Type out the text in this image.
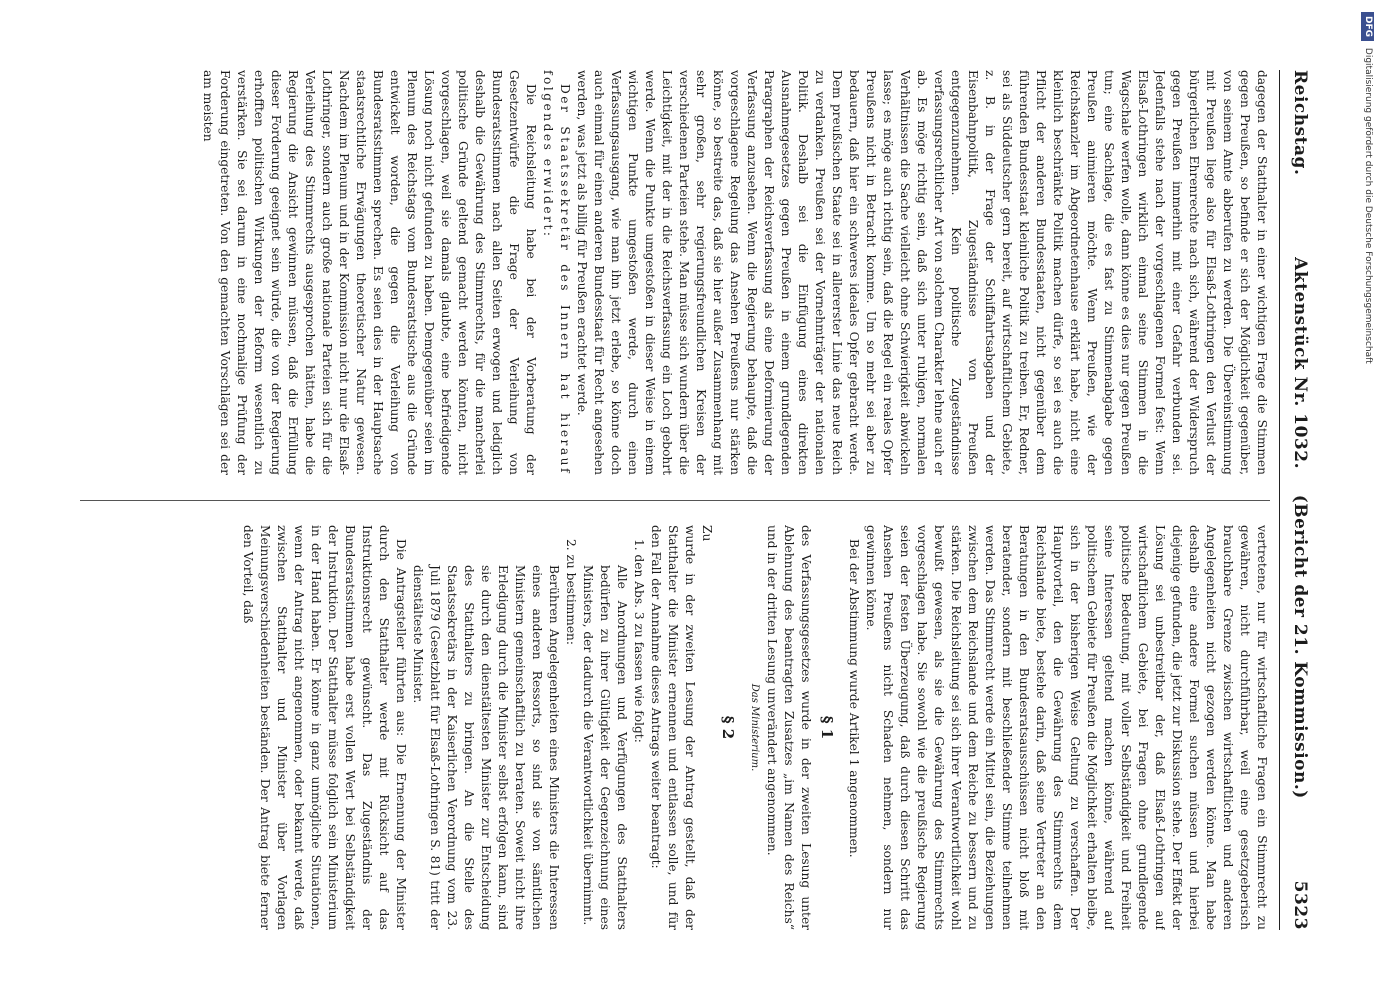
Reichstag.
Aktenstück Nr. 1032.    (Bericht der 21. Kommission.)
5323

dagegen der Statthalter in einer wichtigen Frage die Stimmen gegen Preußen, so befinde er sich der Möglichkeit gegenüber, von seinem Amte abberufen zu werden. Die Übereinstimmung mit Preußen liege also für Elsaß-Lothringen den Verlust der bürgerlichen Ehrenrechte nach sich, während der Widerspruch gegen Preußen immerhin mit einer Gefahr verbunden sei. Jedenfalls stehe nach der vorgeschlagenen Formel fest: Wenn Elsaß-Lothringen wirklich einmal seine Stimmen in die Wagschale werfen wolle, dann könne es dies nur gegen Preußen tun; eine Sachlage, die es fast zu Stimmenabgabe gegen Preußen animieren möchte. Wenn Preußen, wie der Reichskanzler im Abgeordnetenhause erklärt habe, nicht eine kleinlich beschränkte Politik machen dürfe, so sei es auch die Pflicht der anderen Bundesstaaten, nicht gegenüber dem führenden Bundesstaat kleinliche Politik zu treiben. Er, Redner, sei als Süddeutscher gern bereit, auf wirtschaftlichem Gebiete, z. B. in der Frage der Schiffahrtsabgaben und der Eisenbahnpolitik, Zugeständnisse von Preußen entgegenzunehmen. Kein politische Zugeständnisse verfassungsrechtlicher Art von solchem Charakter lehne auch er ab. Es möge richtig sein, daß sich unter ruhigen, normalen Verhältnissen die Sache vielleicht ohne Schwierigkeit abwickeln lasse; es möge auch richtig sein, daß die Regel ein reales Opfer Preußens nicht in Betracht komme. Um so mehr sei aber zu bedauern, daß hier ein schweres ideales Opfer gebracht werde. Dem preußischen Staate sei in allererster Linie das neue Reich zu verdanken. Preußen sei der Vornehmträger der nationalen Politik. Deshalb sei die Einfügung eines direkten Ausnahmegesetzes gegen Preußen in einem grundlegenden Paragraphen der Reichsverfassung als eine Deformierung der Verfassung anzusehen. Wenn die Regierung behaupte, daß die vorgeschlagene Regelung das Ansehen Preußens nur stärken könne, so bestreite das, daß sie hier außer Zusammenhang mit sehr großen, sehr regierungsfreundlichen Kreisen der verschiedenen Parteien stehe. Man müsse sich wundern über die Leichtigkeit, mit der in die Reichsverfassung ein Loch gebohrt werde. Wenn die Punkte umgestoßen in dieser Weise in einem wichtigen Punkte umgestoßen werde, durch einen Verfassungsausgang, wie man ihn jetzt erlebe, so könne doch auch einmal für einen anderen Bundesstaat für Recht angesehen werden, was jetzt als billig für Preußen erachtet werde.

Der Staatssekretär des Innern hat hierauf folgendes erwidert:

Die Reichsleitung habe bei der Vorberatung der Gesetzentwürfe die Frage der Verleihung von Bundesratsstimmen nach allen Seiten erwogen und lediglich deshalb die Gewährung des Stimmrechts, für die mancherlei politische Gründe geltend gemacht werden könnten, nicht vorgeschlagen, weil sie damals glaubte, eine befriedigende Lösung noch nicht gefunden zu haben. Demgegenüber seien im Plenum des Reichstags vom Bundesratstische aus die Gründe entwickelt worden, die gegen die Verleihung von Bundesratsstimmen sprechen. Es seien dies in der Hauptsache staatsrechtliche Erwägungen theoretischer Natur gewesen. Nachdem im Plenum und in der Kommission nicht nur die Elsaß-Lothringer, sondern auch große nationale Parteien sich für die Verleihung des Stimmrechts ausgesprochen hätten, habe die Regierung die Ansicht gewinnen müssen, daß die Erfüllung dieser Forderung geeignet sein würde, die von der Regierung erhofften politischen Wirkungen der Reform wesentlich zu verstärken. Sie sei darum in eine nochmalige Prüfung der Forderung eingetreten. Von den gemachten Vorschlägen sei der am meisten

vertretene, nur für wirtschaftliche Fragen ein Stimmrecht zu gewähren, nicht durchführbar, weil eine gesetzgeberisch brauchbare Grenze zwischen wirtschaftlichen und anderen Angelegenheiten nicht gezogen werden könne. Man habe deshalb eine andere Formel suchen müssen und hierbei diejenige gefunden, die jetzt zur Diskussion stehe. Der Effekt der Lösung sei unbestreitbar der, daß Elsaß-Lothringen auf wirtschaftlichem Gebiete, bei Fragen ohne grundlegende politische Bedeutung, mit voller Selbständigkeit und Freiheit seine Interessen geltend machen könne, während auf politischem Gebiete für Preußen die Möglichkeit erhalten bleibe, sich in der bisherigen Weise Geltung zu verschaffen. Der Hauptvorteil, den die Gewährung des Stimmrechts dem Reichslande biete, bestehe darin, daß seine Vertreter an den Beratungen in den Bundesratsausschüssen nicht bloß mit beratender, sondern mit beschließender Stimme teilnehmen werden. Das Stimmrecht werde ein Mittel sein, die Beziehungen zwischen dem Reichslande und dem Reiche zu bessern und zu stärken. Die Reichsleitung sei sich ihrer Verantwortlichkeit wohl bewußt gewesen, als sie die Gewährung des Stimmrechts vorgeschlagen habe. Sie sowohl wie die preußische Regierung seien der festen Überzeugung, daß durch diesen Schritt das Ansehen Preußens nicht Schaden nehmen, sondern nur gewinnen könne.

Bei der Abstimmung wurde Artikel 1 angenommen.

§ 1

des Verfassungsgesetzes wurde in der zweiten Lesung unter Ablehnung des beantragten Zusatzes „im Namen des Reichs“ und in der dritten Lesung unverändert angenommen.

Das Ministerium.
§ 2

Zu

wurde in der zweiten Lesung der Antrag gestellt, daß der Statthalter die Minister ernennen und entlassen solle, und für den Fall der Annahme dieses Antrags weiter beantragt:

1. den Abs. 3 zu fassen wie folgt:

Alle Anordnungen und Verfügungen des Statthalters bedürfen zu ihrer Gültigkeit der Gegenzeichnung eines Ministers, der dadurch die Verantwortlichkeit übernimmt.

2. zu bestimmen:

Berühren Angelegenheiten eines Ministers die Interessen eines anderen Ressorts, so sind sie von sämtlichen Ministern gemeinschaftlich zu beraten. Soweit nicht ihre Erledigung durch die Minister selbst erfolgen kann, sind sie durch den dienstältesten Minister zur Entscheidung des Statthalters zu bringen. An die Stelle des Staatssekretärs in der Kaiserlichen Verordnung vom 23. Juli 1879 (Gesetzblatt für Elsaß-Lothringen S. 81) tritt der dienstälteste Minister.

Die Antragsteller führten aus: Die Ernennung der Minister durch den Statthalter werde mit Rücksicht auf das Instruktionsrecht gewünscht. Das Zugeständnis der Bundesratsstimmen habe erst vollen Wert bei Selbständigkeit der Instruktion. Der Statthalter müsse folglich sein Ministerium in der Hand haben. Er könne in ganz unmögliche Situationen, wenn der Antrag nicht angenommen, oder bekannt werde, daß zwischen Statthalter und Minister über Vorlagen Meinungsverschiedenheiten beständen. Der Antrag biete ferner den Vorteil, daß

DFG Digitalisierung gefördert durch die Deutsche Forschungsgemeinschaft
